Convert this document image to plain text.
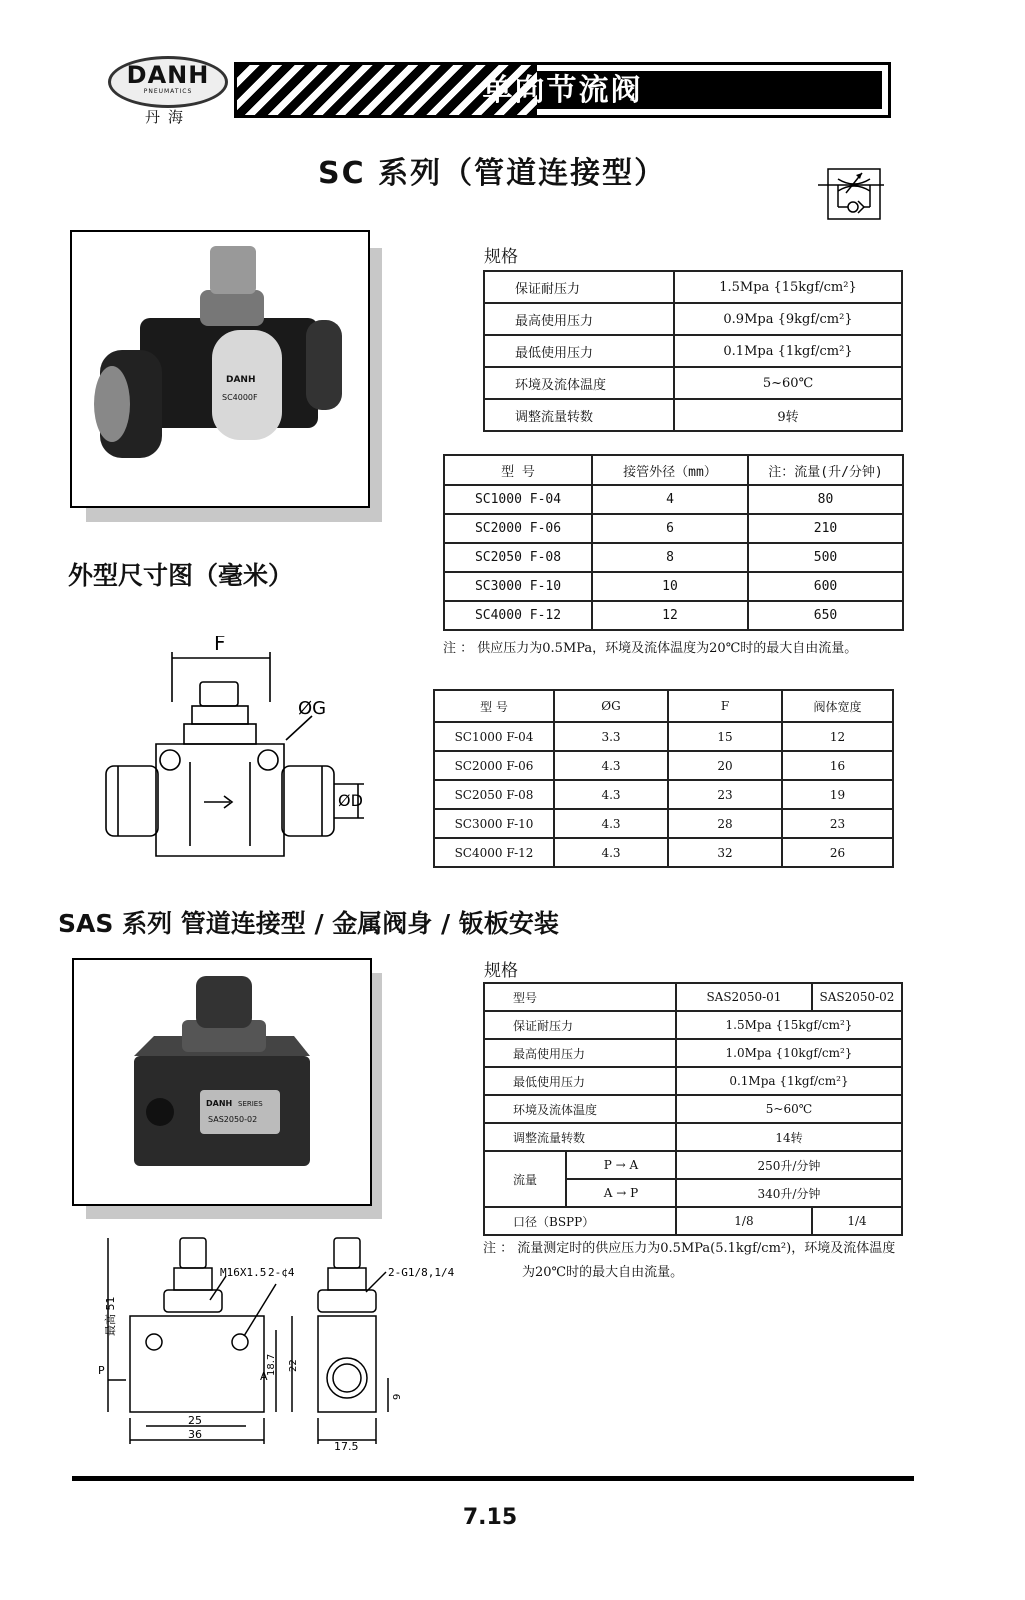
DANH
PNEUMATICS
丹海
单向节流阀
SC 系列（管道连接型）
DANH
SC4000F
规格
保证耐压力	1.5Mpa {15kgf/cm²}
最高使用压力	0.9Mpa {9kgf/cm²}
最低使用压力	0.1Mpa {1kgf/cm²}
环境及流体温度	5~60℃
调整流量转数	9转
型 号	接管外径（mm）	注：流量(升/分钟)
SC1000 F-04	4	80
SC2000 F-06	6	210
SC2050 F-08	8	500
SC3000 F-10	10	600
SC4000 F-12	12	650
注 ： 供应压力为0.5MPa，环境及流体温度为20℃时的最大自由流量。
外型尺寸图（毫米）
F
ØG
ØD
型 号	ØG	F	阀体宽度
SC1000 F-04	3.3	15	12
SC2000 F-06	4.3	20	16
SC2050 F-08	4.3	23	19
SC3000 F-10	4.3	28	23
SC4000 F-12	4.3	32	26
SAS 系列 管道连接型 / 金属阀身 / 钣板安装
DANH SERIES
SAS2050-02
规格
型号		SAS2050-01	SAS2050-02
保证耐压力		1.5Mpa {15kgf/cm²}	
最高使用压力		1.0Mpa {10kgf/cm²}	
最低使用压力		0.1Mpa {1kgf/cm²}	
环境及流体温度		5~60℃	
调整流量转数		14转	
流量	P → A	250升/分钟	
	A → P	340升/分钟	
口径（BSPP）		1/8	1/4
注 ： 流量测定时的供应压力为0.5MPa(5.1kgf/cm²)，环境及流体温度
为20℃时的最大自由流量。
M16X1.5 2-¢4	2-G1/8,1/4
最高 51
P	A
18.7 22
25
36
17.5
9
7.15
